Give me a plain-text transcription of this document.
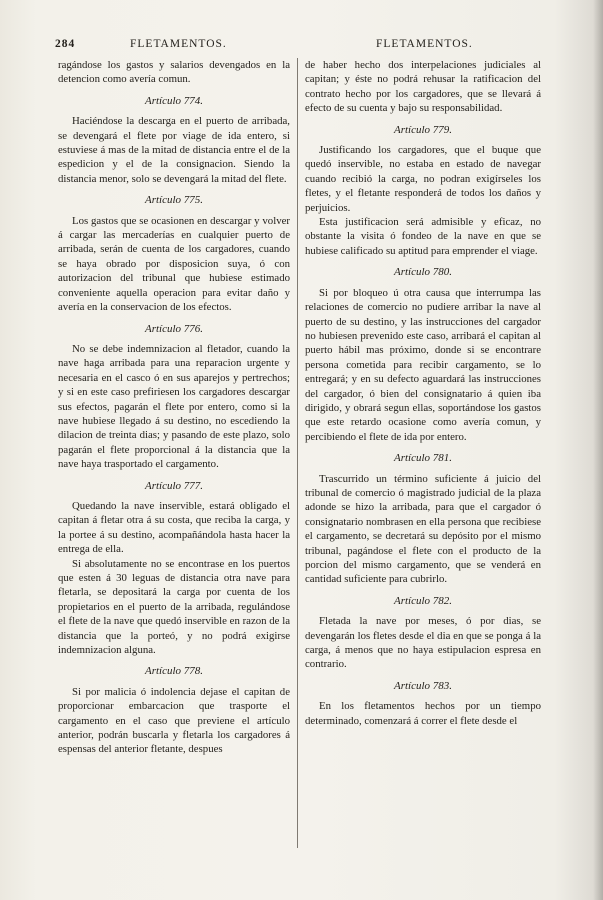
284	FLETAMENTOS.	FLETAMENTOS.

ragándose los gastos y salarios devengados en la detencion como avería comun.

Artículo 774.

Haciéndose la descarga en el puerto de arribada, se devengará el flete por viage de ida entero, si estuviese á mas de la mitad de distancia entre el de la espedicion y el de la consignacion. Siendo la distancia menor, solo se devengará la mitad del flete.

Artículo 775.

Los gastos que se ocasionen en descargar y volver á cargar las mercaderías en cualquier puerto de arribada, serán de cuenta de los cargadores, cuando se haya obrado por disposicion suya, ó con autorizacion del tribunal que hubiese estimado conveniente aquella operacion para evitar daño y avería en la conservacion de los efectos.

Artículo 776.

No se debe indemnizacion al fletador, cuando la nave haga arribada para una reparacion urgente y necesaria en el casco ó en sus aparejos y pertrechos; y si en este caso prefiriesen los cargadores descargar sus efectos, pagarán el flete por entero, como si la nave hubiese llegado á su destino, no escediendo la dilacion de treinta dias; y pasando de este plazo, solo pagarán el flete proporcional á la distancia que la nave haya trasportado el cargamento.

Artículo 777.

Quedando la nave inservible, estará obligado el capitan á fletar otra á su costa, que reciba la carga, y la portee á su destino, acompañándola hasta hacer la entrega de ella.

Si absolutamente no se encontrase en los puertos que esten á 30 leguas de distancia otra nave para fletarla, se depositará la carga por cuenta de los propietarios en el puerto de la arribada, regulándose el flete de la nave que quedó inservible en razon de la distancia que la porteó, y no podrá exigirse indemnizacion alguna.

Artículo 778.

Si por malicia ó indolencia dejase el capitan de proporcionar embarcacion que trasporte el cargamento en el caso que previene el artículo anterior, podrán buscarla y fletarla los cargadores á espensas del anterior fletante, despues

de haber hecho dos interpelaciones judiciales al capitan; y éste no podrá rehusar la ratificacion del contrato hecho por los cargadores, que se llevará á efecto de su cuenta y bajo su responsabilidad.

Artículo 779.

Justificando los cargadores, que el buque que quedó inservible, no estaba en estado de navegar cuando recibió la carga, no podran exigírseles los fletes, y el fletante responderá de todos los daños y perjuicios.

Esta justificacion será admisible y eficaz, no obstante la visita ó fondeo de la nave en que se hubiese calificado su aptitud para emprender el viage.

Artículo 780.

Si por bloqueo ú otra causa que interrumpa las relaciones de comercio no pudiere arribar la nave al puerto de su destino, y las instrucciones del cargador no hubiesen prevenido este caso, arribará el capitan al puerto hábil mas próximo, donde si se encontrare persona cometida para recibir cargamento, se lo entregará; y en su defecto aguardará las instrucciones del cargador, ó bien del consignatario á quien iba dirigido, y obrará segun ellas, soportándose los gastos que este retardo ocasione como avería comun, y percibiendo el flete de ida por entero.

Artículo 781.

Trascurrido un término suficiente á juicio del tribunal de comercio ó magistrado judicial de la plaza adonde se hizo la arribada, para que el cargador ó consignatario nombrasen en ella persona que recibiese el cargamento, se decretará su depósito por el mismo tribunal, pagándose el flete con el producto de la porcion del mismo cargamento, que se venderá en cantidad suficiente para cubrirlo.

Artículo 782.

Fletada la nave por meses, ó por dias, se devengarán los fletes desde el dia en que se ponga á la carga, á menos que no haya estipulacion espresa en contrario.

Artículo 783.

En los fletamentos hechos por un tiempo determinado, comenzará á correr el flete desde el
